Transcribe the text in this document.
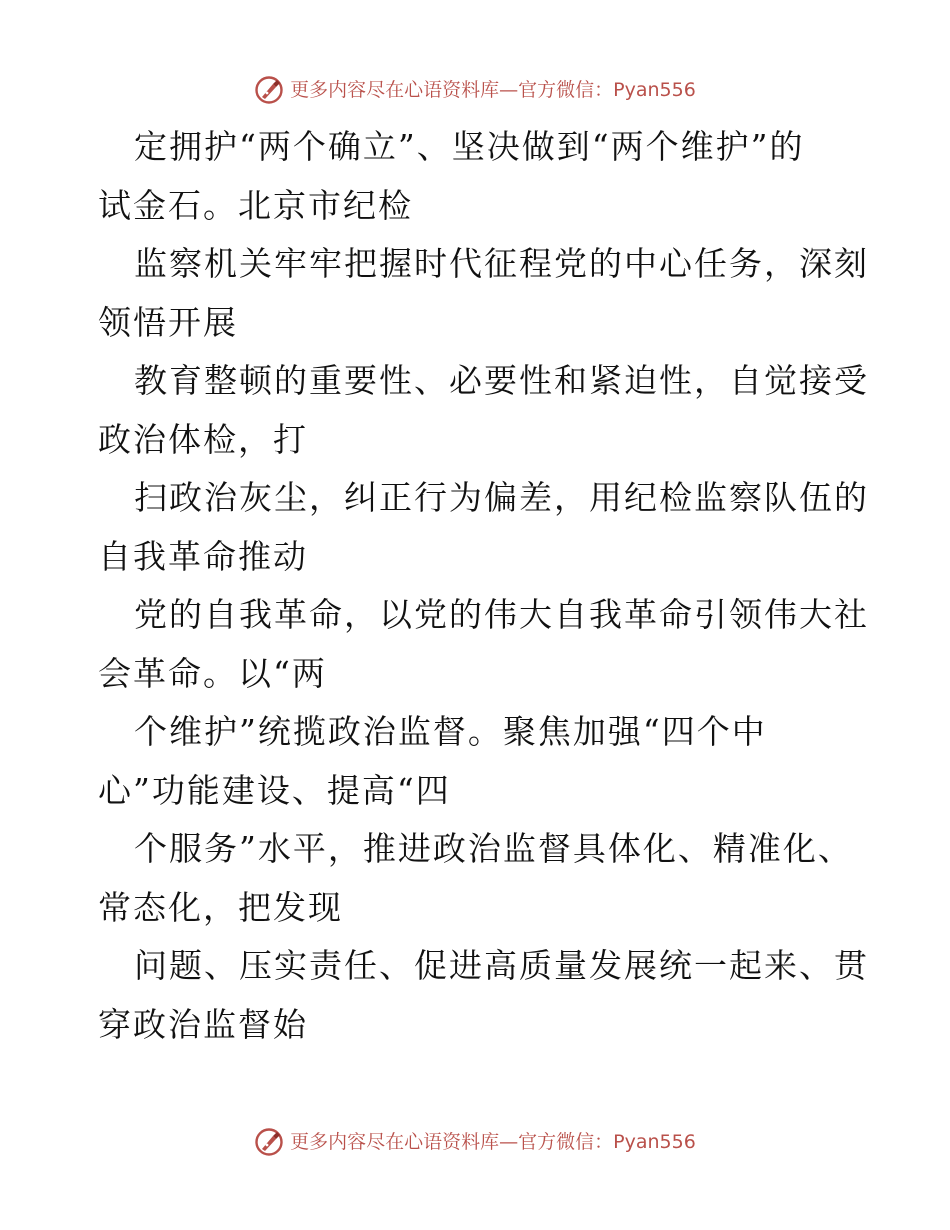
更多内容尽在心语资料库—官方微信：Pyan556
定拥护“两个确立”、坚决做到“两个维护”的
试金石。北京市纪检
监察机关牢牢把握时代征程党的中心任务，深刻
领悟开展
教育整顿的重要性、必要性和紧迫性，自觉接受
政治体检，打
扫政治灰尘，纠正行为偏差，用纪检监察队伍的
自我革命推动
党的自我革命，以党的伟大自我革命引领伟大社
会革命。以“两
个维护”统揽政治监督。聚焦加强“四个中
心”功能建设、提高“四
个服务”水平，推进政治监督具体化、精准化、
常态化，把发现
问题、压实责任、促进高质量发展统一起来、贯
穿政治监督始
更多内容尽在心语资料库—官方微信：Pyan556
